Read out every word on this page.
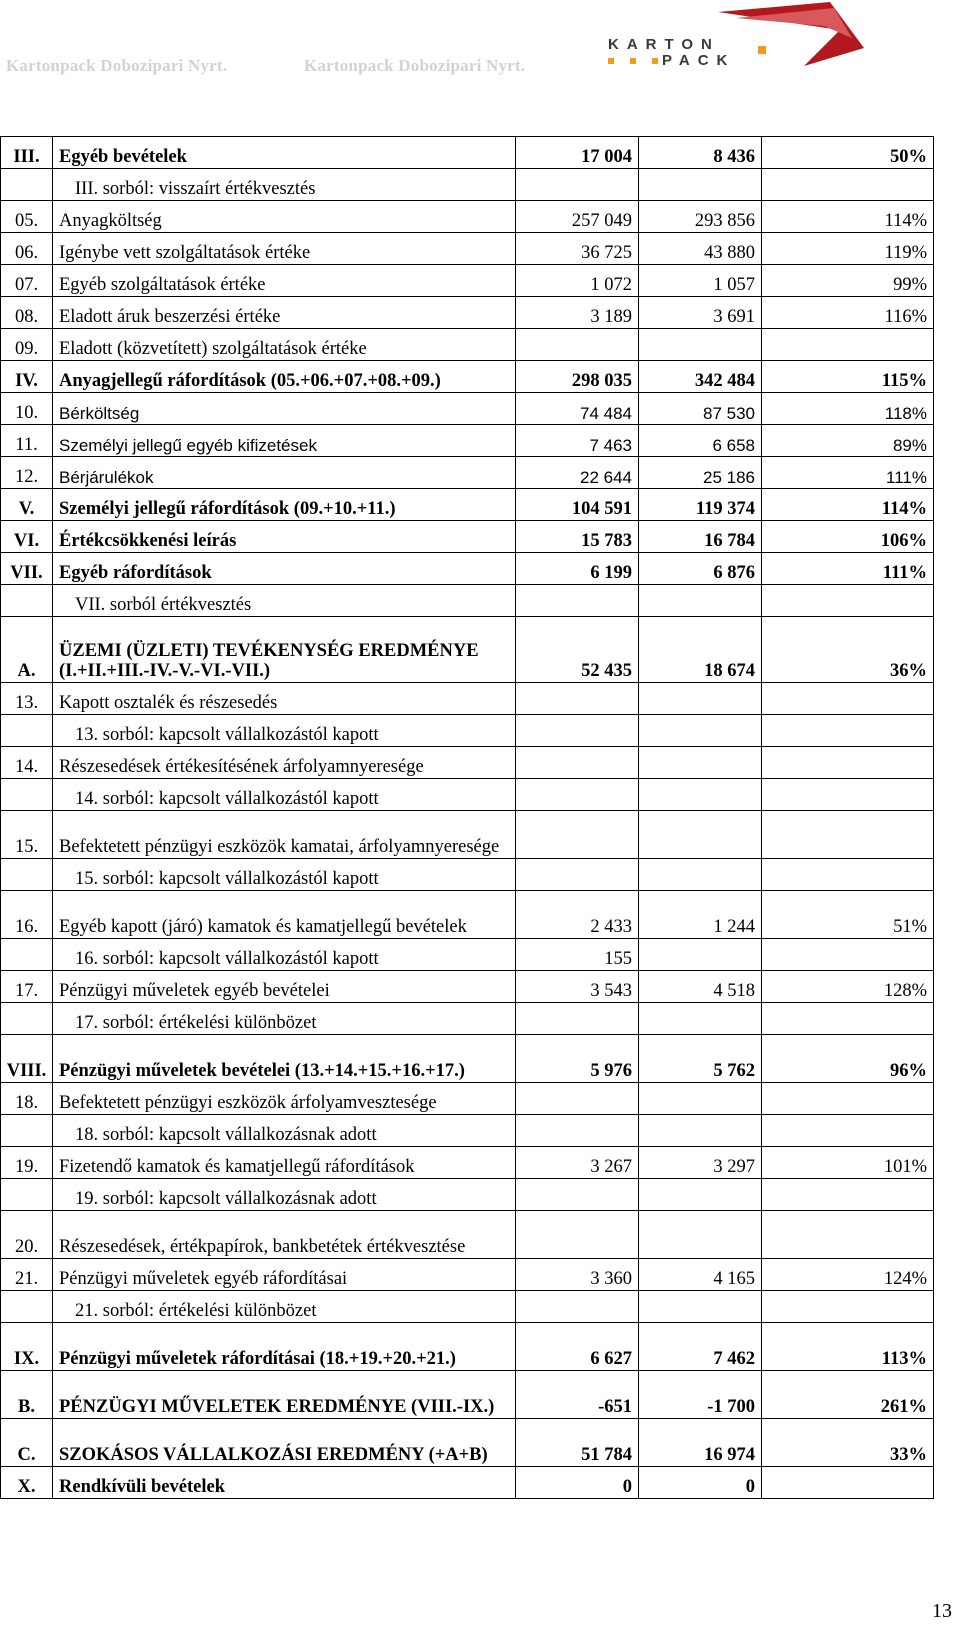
Kartonpack Dobozipari Nyrt.	Kartonpack Dobozipari Nyrt.
KARTON
PACK
III.	Egyéb bevételek	17 004	8 436	50%
	III. sorból: visszaírt értékvesztés			
05.	Anyagköltség	257 049	293 856	114%
06.	Igénybe vett szolgáltatások értéke	36 725	43 880	119%
07.	Egyéb szolgáltatások értéke	1 072	1 057	99%
08.	Eladott áruk beszerzési értéke	3 189	3 691	116%
09.	Eladott (közvetített) szolgáltatások értéke			
IV.	Anyagjellegű ráfordítások (05.+06.+07.+08.+09.)	298 035	342 484	115%
10.	Bérköltség	74 484	87 530	118%
11.	Személyi jellegű egyéb kifizetések	7 463	6 658	89%
12.	Bérjárulékok	22 644	25 186	111%
V.	Személyi jellegű ráfordítások (09.+10.+11.)	104 591	119 374	114%
VI.	Értékcsökkenési leírás	15 783	16 784	106%
VII.	Egyéb ráfordítások	6 199	6 876	111%
	VII. sorból értékvesztés			
A.	ÜZEMI (ÜZLETI) TEVÉKENYSÉG EREDMÉNYE (I.+II.+III.-IV.-V.-VI.-VII.)	52 435	18 674	36%
13.	Kapott osztalék és részesedés			
	13. sorból: kapcsolt vállalkozástól kapott			
14.	Részesedések értékesítésének árfolyamnyeresége			
	14. sorból: kapcsolt vállalkozástól kapott			
15.	Befektetett pénzügyi eszközök kamatai, árfolyamnyeresége			
	15. sorból: kapcsolt vállalkozástól kapott			
16.	Egyéb kapott (járó) kamatok és kamatjellegű bevételek	2 433	1 244	51%
	16. sorból: kapcsolt vállalkozástól kapott	155		
17.	Pénzügyi műveletek egyéb bevételei	3 543	4 518	128%
	17. sorból: értékelési különbözet			
VIII.	Pénzügyi műveletek bevételei (13.+14.+15.+16.+17.)	5 976	5 762	96%
18.	Befektetett pénzügyi eszközök árfolyamvesztesége			
	18. sorból: kapcsolt vállalkozásnak adott			
19.	Fizetendő kamatok és kamatjellegű ráfordítások	3 267	3 297	101%
	19. sorból: kapcsolt vállalkozásnak adott			
20.	Részesedések, értékpapírok, bankbetétek értékvesztése			
21.	Pénzügyi műveletek egyéb ráfordításai	3 360	4 165	124%
	21. sorból: értékelési különbözet			
IX.	Pénzügyi műveletek ráfordításai (18.+19.+20.+21.)	6 627	7 462	113%
B.	PÉNZÜGYI MŰVELETEK EREDMÉNYE (VIII.-IX.)	-651	-1 700	261%
C.	SZOKÁSOS VÁLLALKOZÁSI EREDMÉNY (+A+B)	51 784	16 974	33%
X.	Rendkívüli bevételek	0	0	
13
